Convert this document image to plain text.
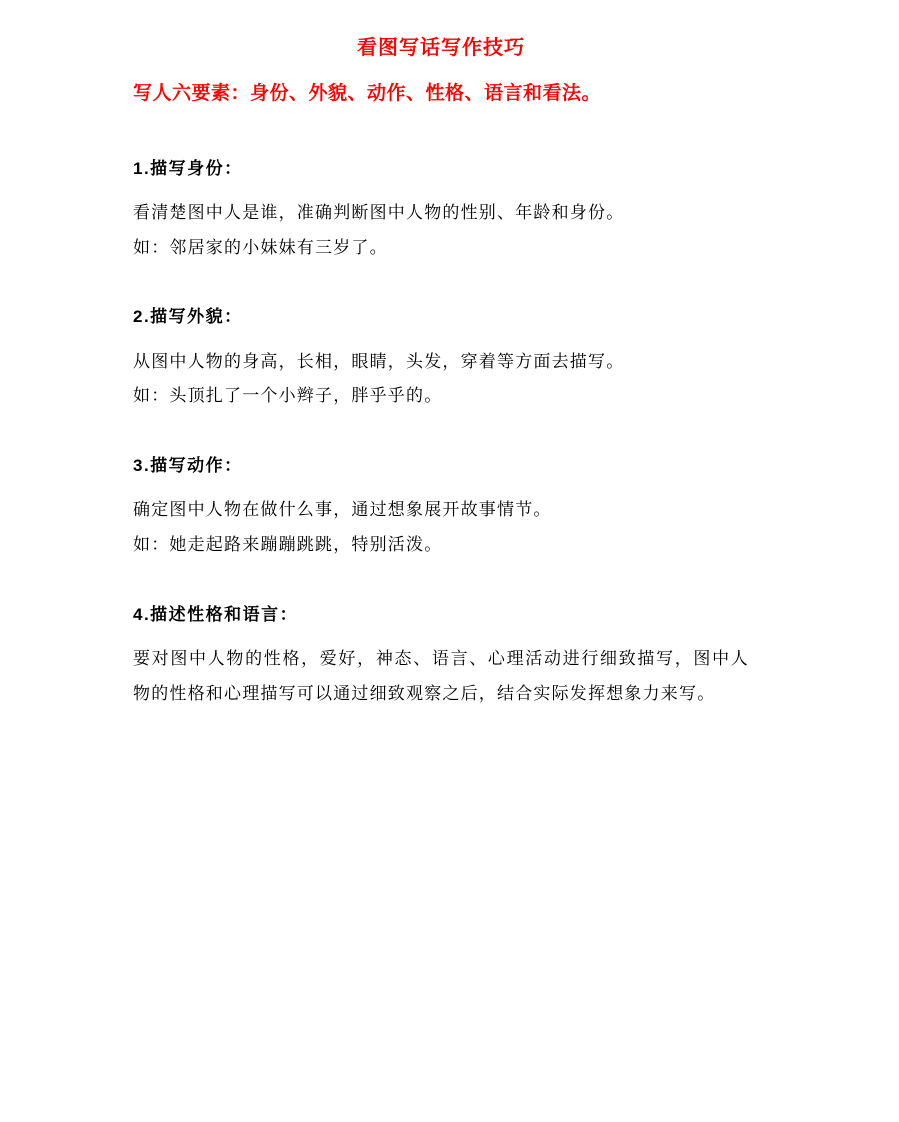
看图写话写作技巧
写人六要素：身份、外貌、动作、性格、语言和看法。
1.描写身份：

看清楚图中人是谁，准确判断图中人物的性别、年龄和身份。

如：邻居家的小妹妹有三岁了。

2.描写外貌：

从图中人物的身高，长相，眼睛，头发，穿着等方面去描写。

如：头顶扎了一个小辫子，胖乎乎的。

3.描写动作：

确定图中人物在做什么事，通过想象展开故事情节。

如：她走起路来蹦蹦跳跳，特别活泼。

4.描述性格和语言：

要对图中人物的性格，爱好，神态、语言、心理活动进行细致描写，图中人物的性格和心理描写可以通过细致观察之后，结合实际发挥想象力来写。
